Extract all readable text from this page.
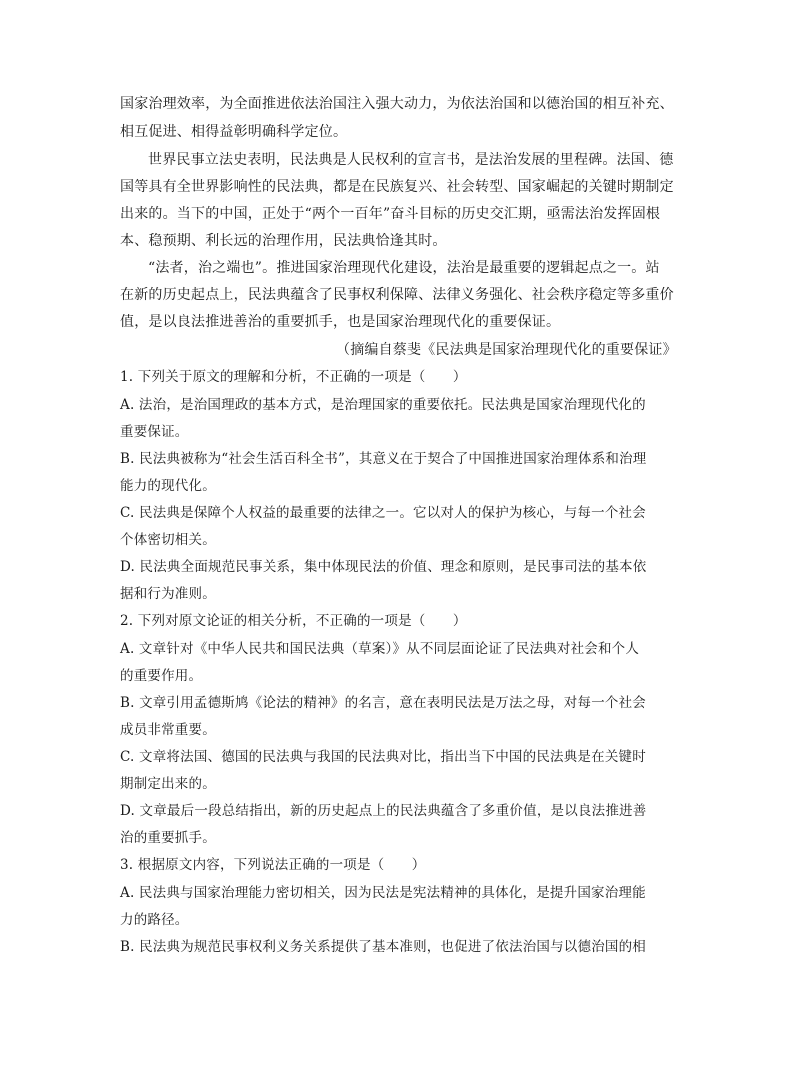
国家治理效率，为全面推进依法治国注入强大动力，为依法治国和以德治国的相互补充、
相互促进、相得益彰明确科学定位。
世界民事立法史表明，民法典是人民权利的宣言书，是法治发展的里程碑。法国、德
国等具有全世界影响性的民法典，都是在民族复兴、社会转型、国家崛起的关键时期制定
出来的。当下的中国，正处于“两个一百年”奋斗目标的历史交汇期，亟需法治发挥固根
本、稳预期、利长远的治理作用，民法典恰逢其时。
“法者，治之端也”。推进国家治理现代化建设，法治是最重要的逻辑起点之一。站
在新的历史起点上，民法典蕴含了民事权利保障、法律义务强化、社会秩序稳定等多重价
值，是以良法推进善治的重要抓手，也是国家治理现代化的重要保证。
（摘编自蔡斐《民法典是国家治理现代化的重要保证》
1. 下列关于原文的理解和分析，不正确的一项是（　　）
A. 法治，是治国理政的基本方式，是治理国家的重要依托。民法典是国家治理现代化的
重要保证。
B. 民法典被称为“社会生活百科全书”，其意义在于契合了中国推进国家治理体系和治理
能力的现代化。
C. 民法典是保障个人权益的最重要的法律之一。它以对人的保护为核心，与每一个社会
个体密切相关。
D. 民法典全面规范民事关系，集中体现民法的价值、理念和原则，是民事司法的基本依
据和行为准则。
2. 下列对原文论证的相关分析，不正确的一项是（　　）
A. 文章针对《中华人民共和国民法典（草案）》从不同层面论证了民法典对社会和个人
的重要作用。
B. 文章引用孟德斯鸠《论法的精神》的名言，意在表明民法是万法之母，对每一个社会
成员非常重要。
C. 文章将法国、德国的民法典与我国的民法典对比，指出当下中国的民法典是在关键时
期制定出来的。
D. 文章最后一段总结指出，新的历史起点上的民法典蕴含了多重价值，是以良法推进善
治的重要抓手。
3. 根据原文内容，下列说法正确的一项是（　　）
A. 民法典与国家治理能力密切相关，因为民法是宪法精神的具体化，是提升国家治理能
力的路径。
B. 民法典为规范民事权利义务关系提供了基本准则，也促进了依法治国与以德治国的相
